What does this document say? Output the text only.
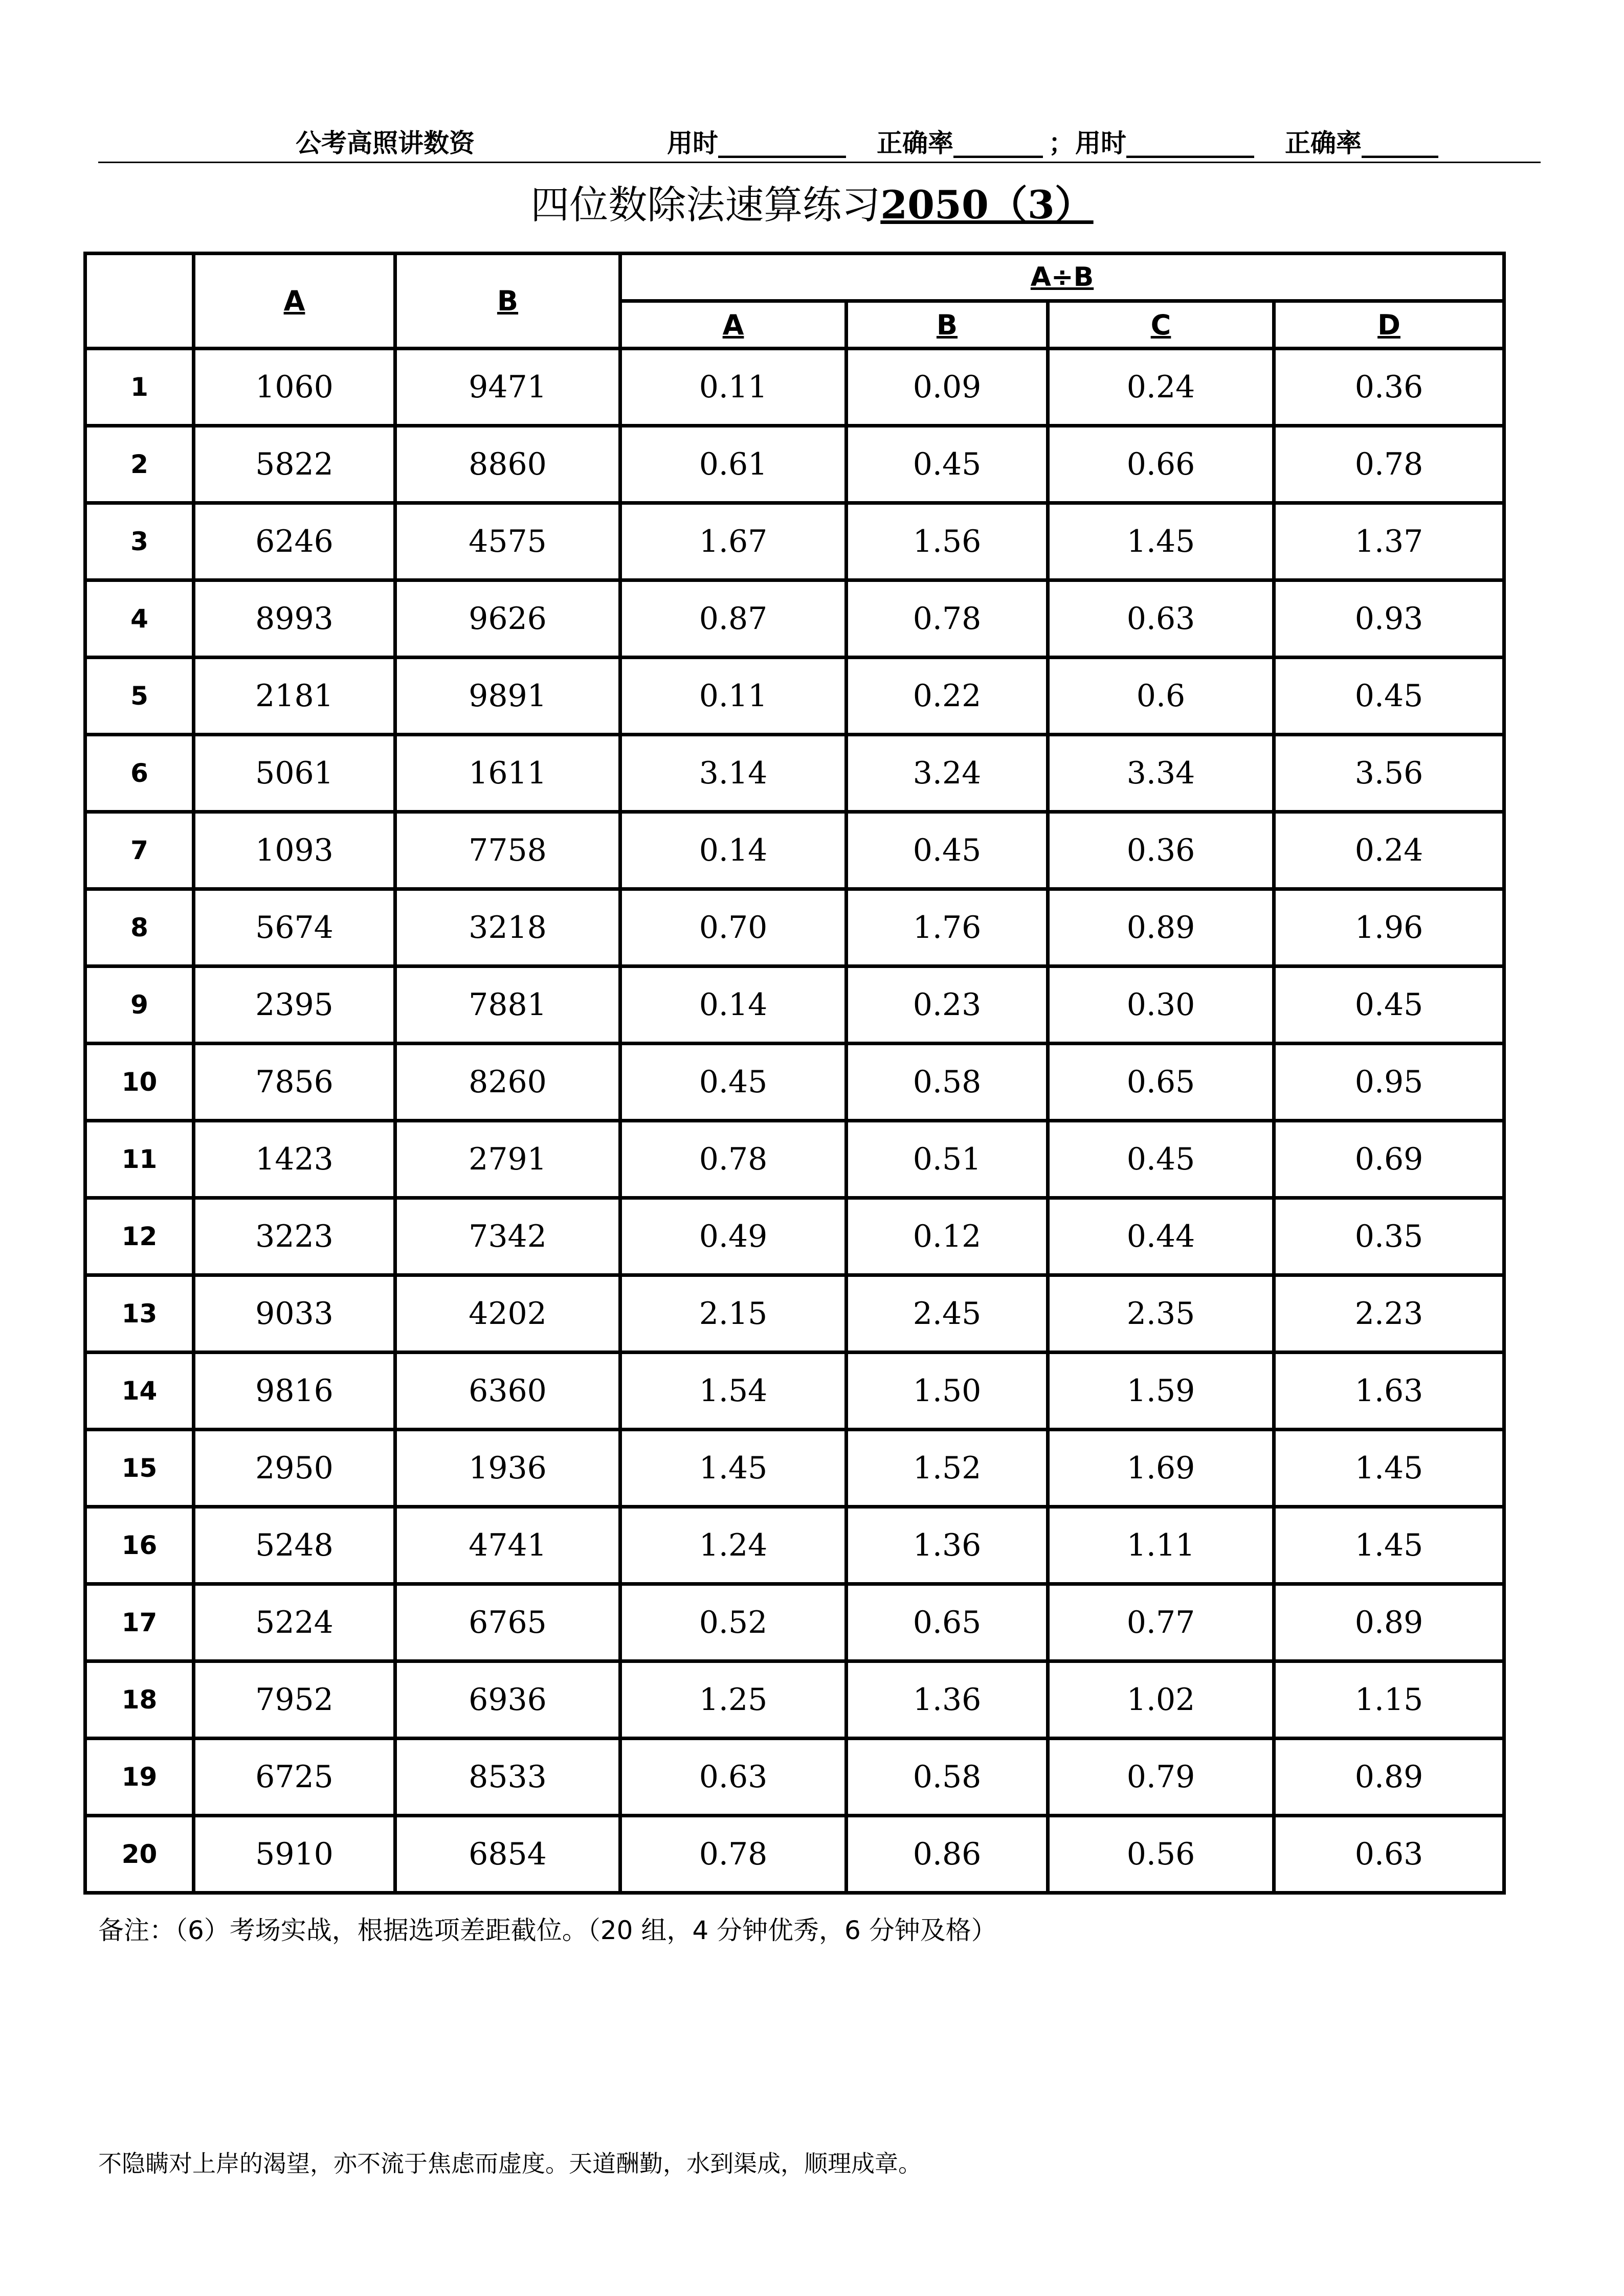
公考高照讲数资	用时__________ 正确率_______ ； 用时__________ 正确率______
四位数除法速算练习2050（3）
	A	B	A÷B			
			A	B	C	D
1	1060	9471	0.11	0.09	0.24	0.36
2	5822	8860	0.61	0.45	0.66	0.78
3	6246	4575	1.67	1.56	1.45	1.37
4	8993	9626	0.87	0.78	0.63	0.93
5	2181	9891	0.11	0.22	0.6	0.45
6	5061	1611	3.14	3.24	3.34	3.56
7	1093	7758	0.14	0.45	0.36	0.24
8	5674	3218	0.70	1.76	0.89	1.96
9	2395	7881	0.14	0.23	0.30	0.45
10	7856	8260	0.45	0.58	0.65	0.95
11	1423	2791	0.78	0.51	0.45	0.69
12	3223	7342	0.49	0.12	0.44	0.35
13	9033	4202	2.15	2.45	2.35	2.23
14	9816	6360	1.54	1.50	1.59	1.63
15	2950	1936	1.45	1.52	1.69	1.45
16	5248	4741	1.24	1.36	1.11	1.45
17	5224	6765	0.52	0.65	0.77	0.89
18	7952	6936	1.25	1.36	1.02	1.15
19	6725	8533	0.63	0.58	0.79	0.89
20	5910	6854	0.78	0.86	0.56	0.63
备注：（6）考场实战，根据选项差距截位。（20 组，4 分钟优秀，6 分钟及格）
不隐瞒对上岸的渴望，亦不流于焦虑而虚度。天道酬勤，水到渠成，顺理成章。
